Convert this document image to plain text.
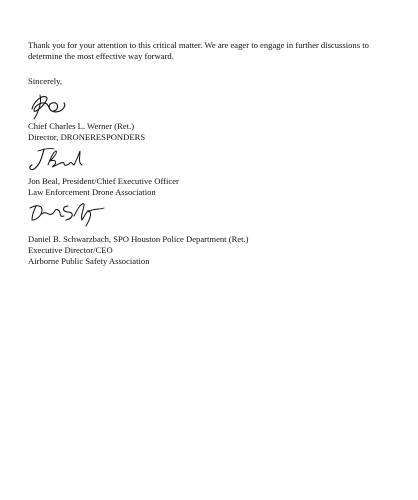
Thank you for your attention to this critical matter. We are eager to engage in further discussions to
determine the most effective way forward.

Sincerely,

Chief Charles L. Werner (Ret.)
Director, DRONERESPONDERS

Jon Beal, President/Chief Executive Officer
Law Enforcement Drone Association

Daniel B. Schwarzbach, SPO Houston Police Department (Ret.)
Executive Director/CEO
Airborne Public Safety Association
